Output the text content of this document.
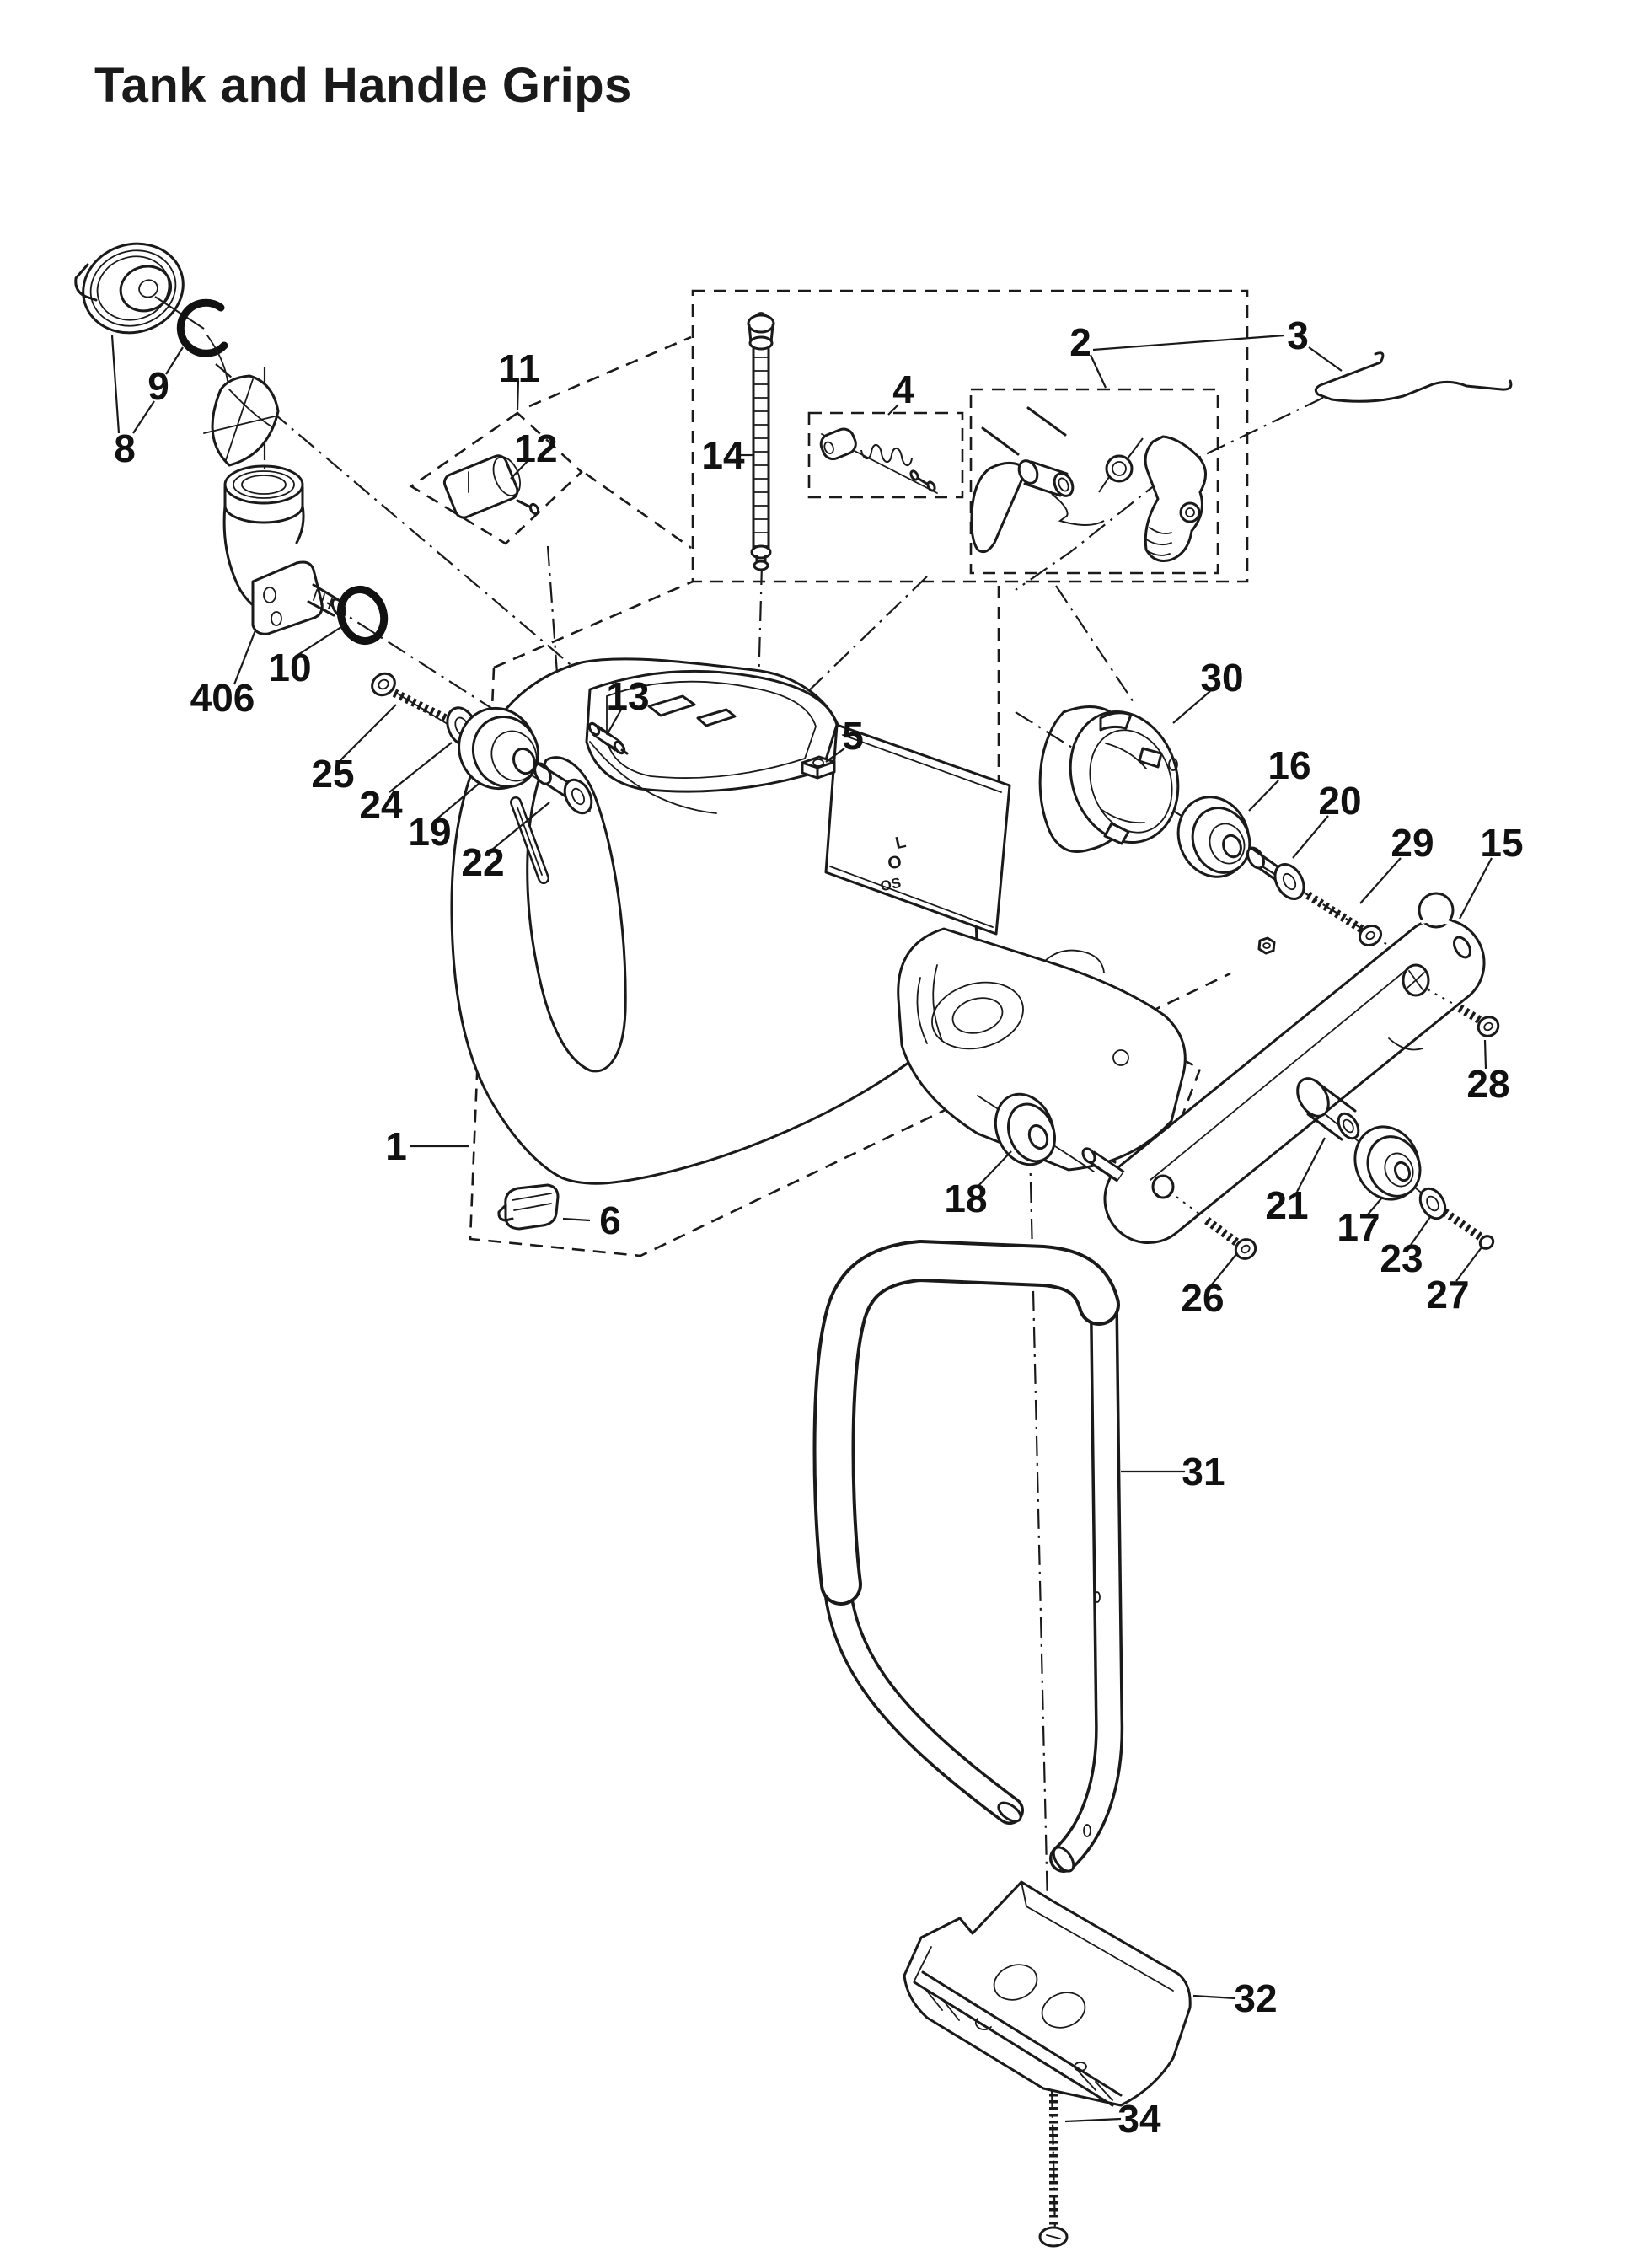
Tank and Handle Grips
L
O
OS
1
2	3
4
5
6
8
9
10
11
12
13
14
15
16
17
18
19
20
21
22
23
24
25
26	27
28
29
30
31
32
34
406
